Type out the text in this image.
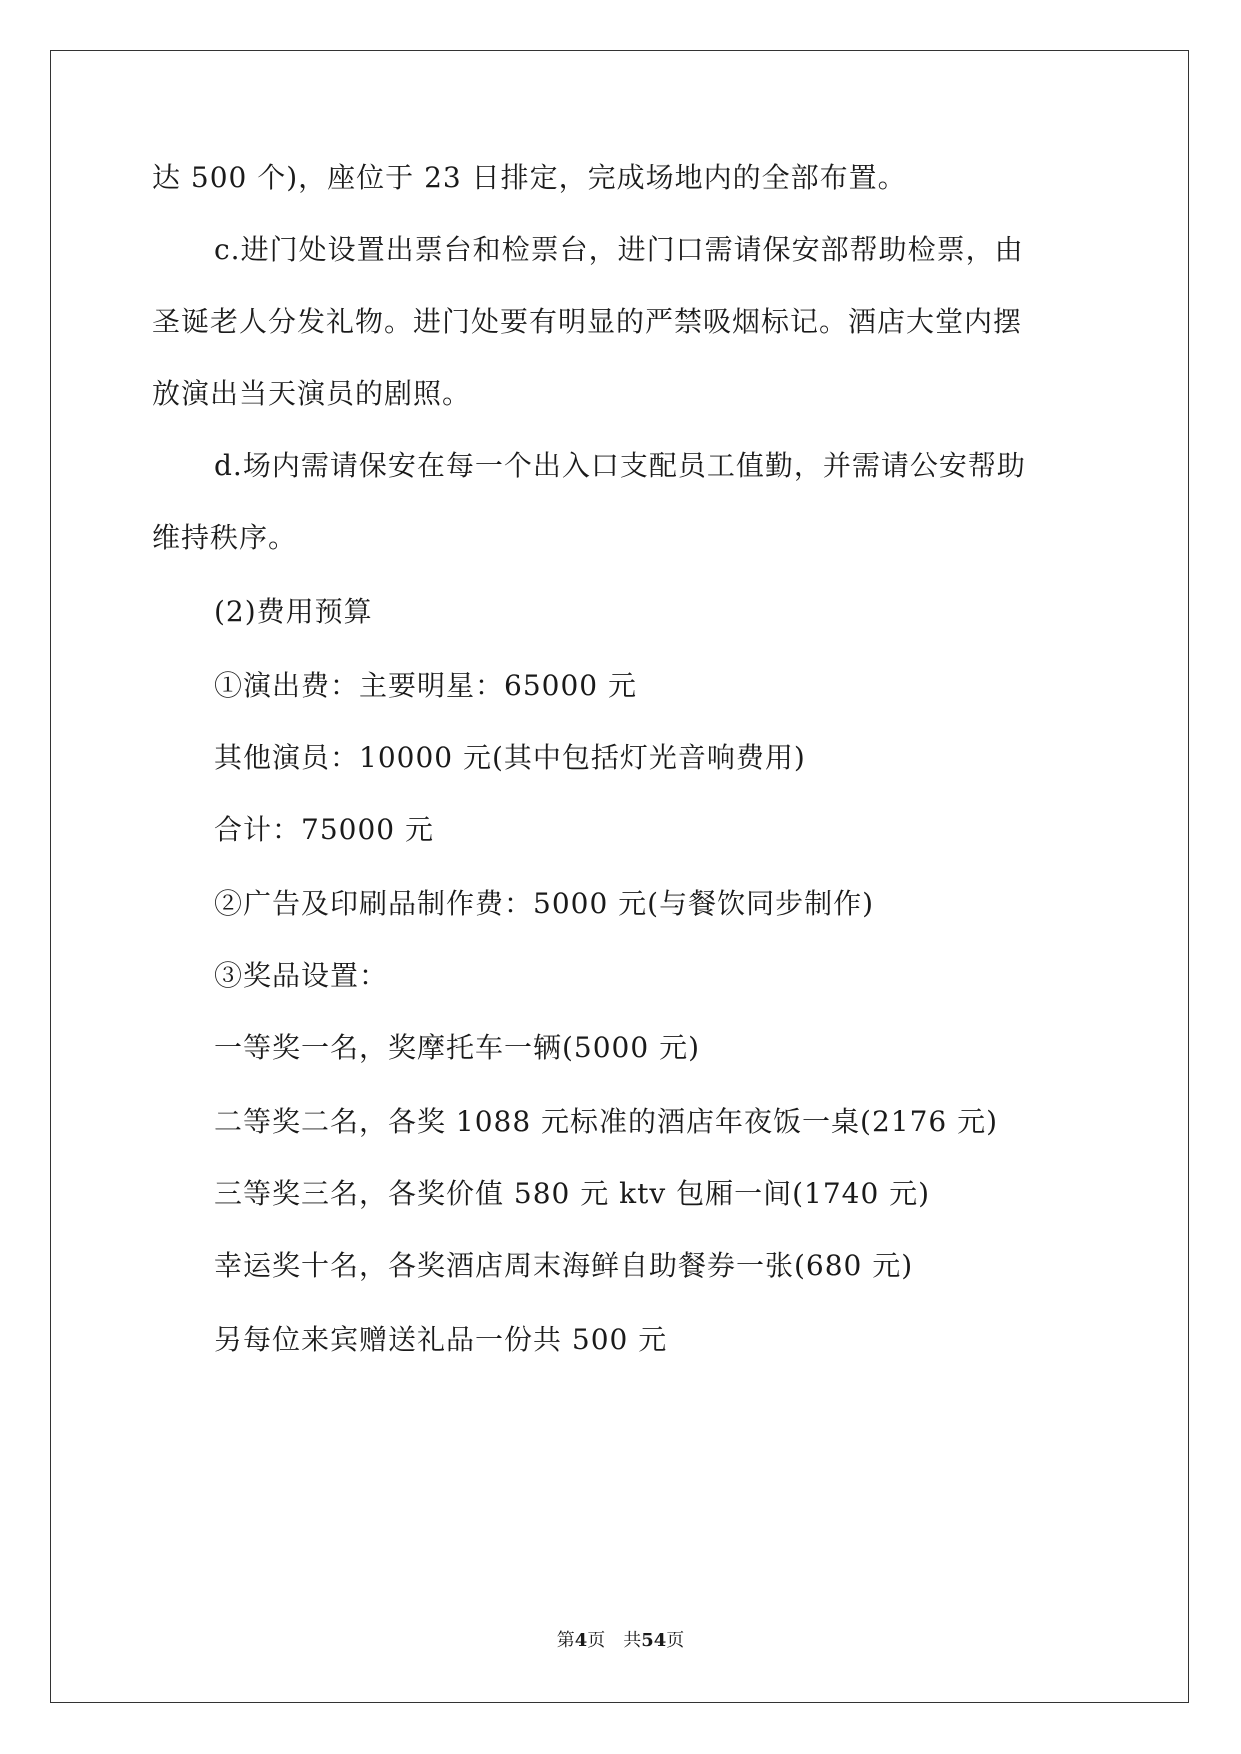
达 500 个)，座位于 23 日排定，完成场地内的全部布置。
c.进门处设置出票台和检票台，进门口需请保安部帮助检票，由
圣诞老人分发礼物。进门处要有明显的严禁吸烟标记。酒店大堂内摆
放演出当天演员的剧照。
d.场内需请保安在每一个出入口支配员工值勤，并需请公安帮助
维持秩序。
(2)费用预算
①演出费：主要明星：65000 元
其他演员：10000 元(其中包括灯光音响费用)
合计：75000 元
②广告及印刷品制作费：5000 元(与餐饮同步制作)
③奖品设置：
一等奖一名，奖摩托车一辆(5000 元)
二等奖二名，各奖 1088 元标准的酒店年夜饭一桌(2176 元)
三等奖三名，各奖价值 580 元 ktv 包厢一间(1740 元)
幸运奖十名，各奖酒店周末海鲜自助餐券一张(680 元)
另每位来宾赠送礼品一份共 500 元
第4页 共54页
